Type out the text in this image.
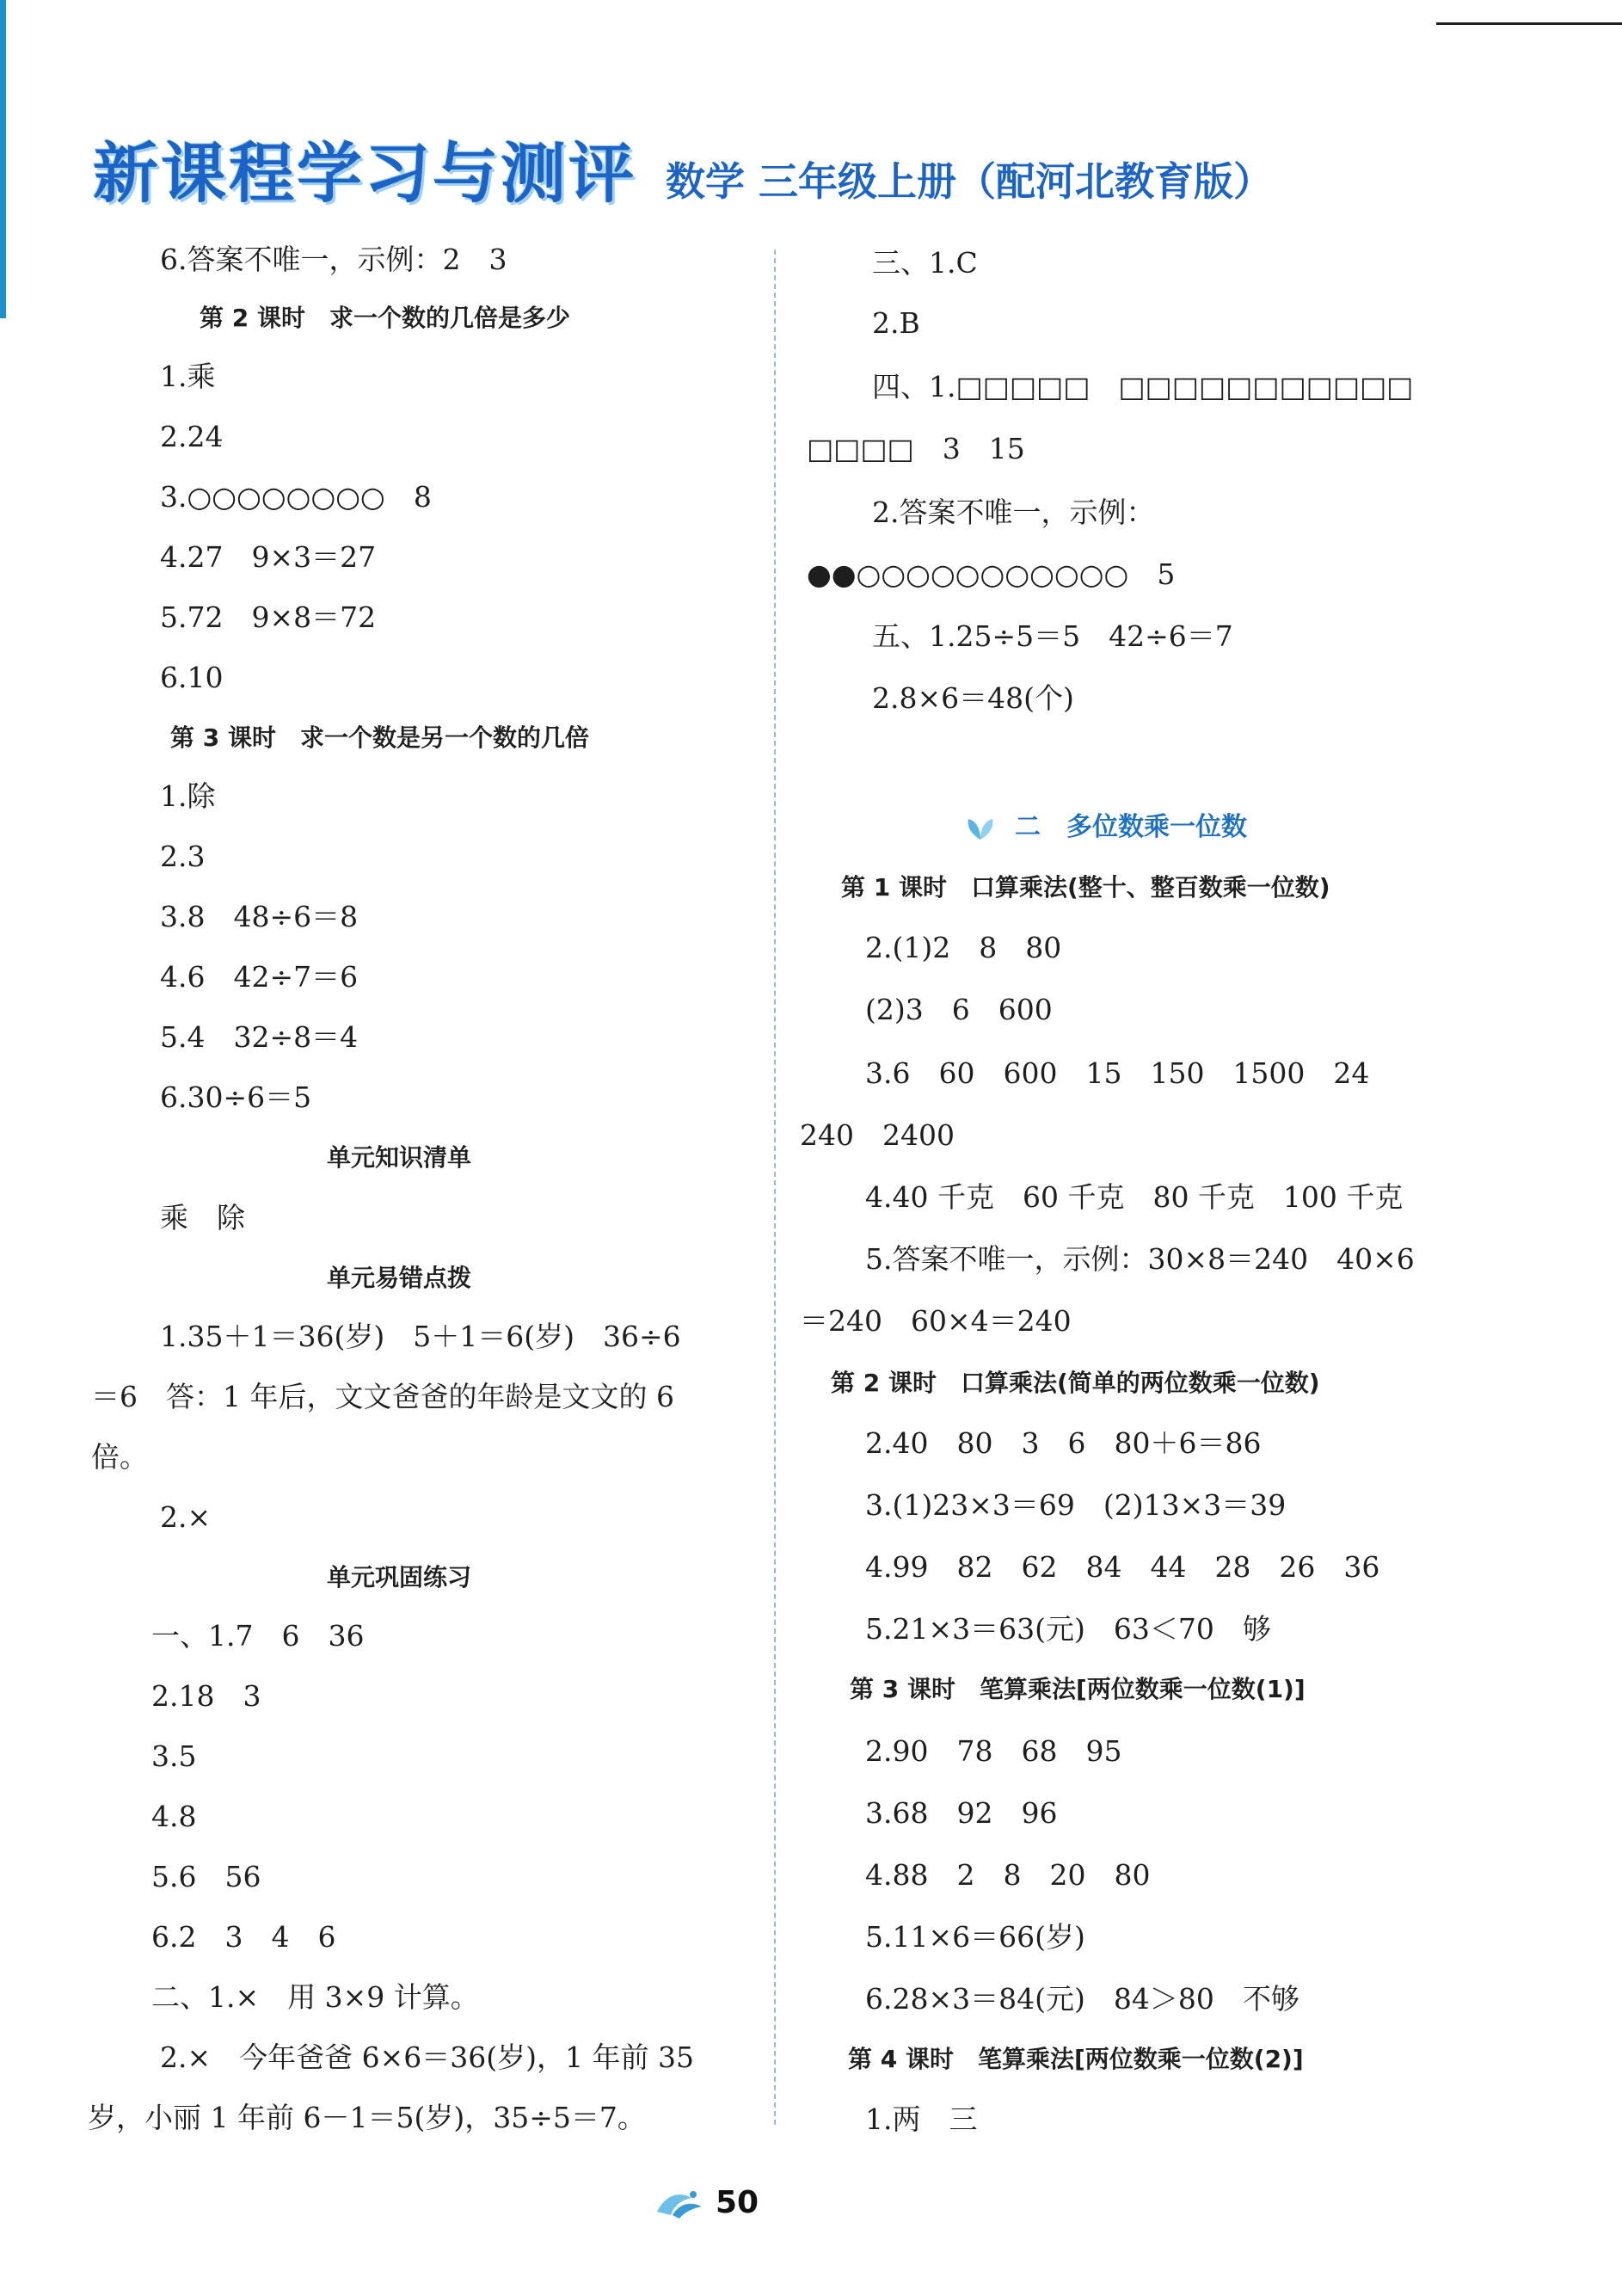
新课程学习与测评 数学 三年级上册（配河北教育版）
6.答案不唯一，示例：2　3
第 2 课时　求一个数的几倍是多少
1.乘
2.24
3.○○○○○○○○　8
4.27　9×3＝27
5.72　9×8＝72
6.10
第 3 课时　求一个数是另一个数的几倍
1.除
2.3
3.8　48÷6＝8
4.6　42÷7＝6
5.4　32÷8＝4
6.30÷6＝5
单元知识清单
乘　除
单元易错点拨
1.35＋1＝36(岁)　5＋1＝6(岁)　36÷6
＝6　答：1 年后，文文爸爸的年龄是文文的 6
倍。
2.×
单元巩固练习
一、1.7　6　36
2.18　3
3.5
4.8
5.6　56
6.2　3　4　6
二、1.×　用 3×9 计算。
2.×　今年爸爸 6×6＝36(岁)，1 年前 35
岁，小丽 1 年前 6－1＝5(岁)，35÷5＝7。
三、1.C
2.B
四、1.□□□□□　□□□□□□□□□□□
□□□□　3　15
2.答案不唯一，示例：
●●○○○○○○○○○○○　5
五、1.25÷5＝5　42÷6＝7
2.8×6＝48(个)
二　多位数乘一位数
第 1 课时　口算乘法(整十、整百数乘一位数)
2.(1)2　8　80
(2)3　6　600
3.6　60　600　15　150　1500　24
240　2400
4.40 千克　60 千克　80 千克　100 千克
5.答案不唯一，示例：30×8＝240　40×6
＝240　60×4＝240
第 2 课时　口算乘法(简单的两位数乘一位数)
2.40　80　3　6　80＋6＝86
3.(1)23×3＝69　(2)13×3＝39
4.99　82　62　84　44　28　26　36
5.21×3＝63(元)　63＜70　够
第 3 课时　笔算乘法[两位数乘一位数(1)]
2.90　78　68　95
3.68　92　96
4.88　2　8　20　80
5.11×6＝66(岁)
6.28×3＝84(元)　84＞80　不够
第 4 课时　笔算乘法[两位数乘一位数(2)]
1.两　三
50
